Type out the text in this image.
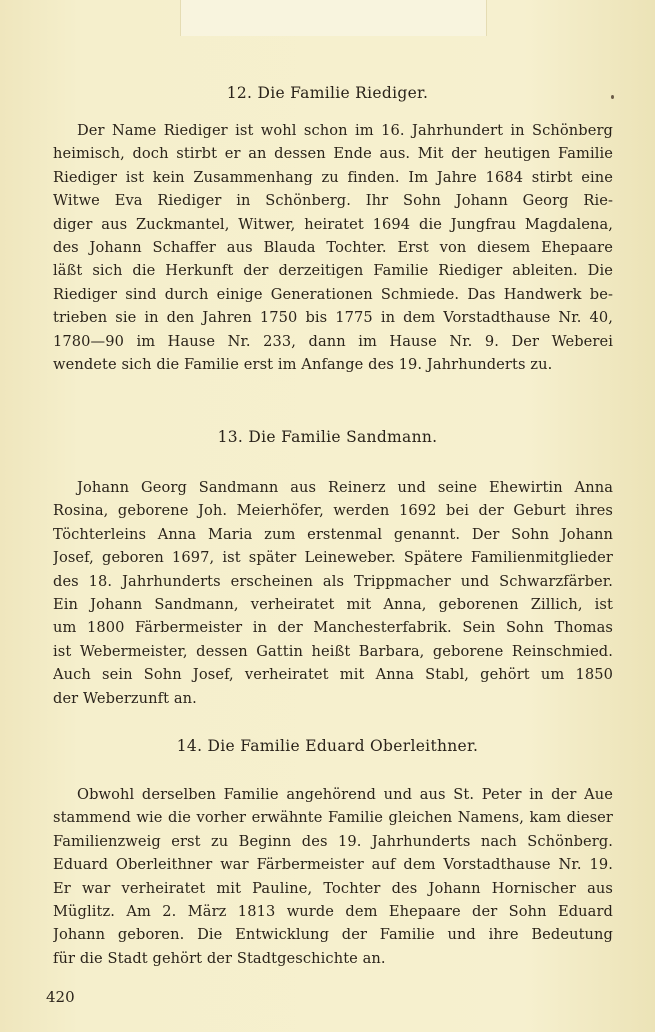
12. Die Familie Riediger.
Der Name Riediger ist wohl schon im 16. Jahrhundert in Schönberg
heimisch, doch stirbt er an dessen Ende aus. Mit der heutigen Familie
Riediger ist kein Zusammenhang zu finden. Im Jahre 1684 stirbt eine
Witwe Eva Riediger in Schönberg. Ihr Sohn Johann Georg Rie-
diger aus Zuckmantel, Witwer, heiratet 1694 die Jungfrau Magdalena,
des Johann Schaffer aus Blauda Tochter. Erst von diesem Ehepaare
läßt sich die Herkunft der derzeitigen Familie Riediger ableiten. Die
Riediger sind durch einige Generationen Schmiede. Das Handwerk be-
trieben sie in den Jahren 1750 bis 1775 in dem Vorstadthause Nr. 40,
1780—90 im Hause Nr. 233, dann im Hause Nr. 9. Der Weberei
wendete sich die Familie erst im Anfange des 19. Jahrhunderts zu.
13. Die Familie Sandmann.
Johann Georg Sandmann aus Reinerz und seine Ehewirtin Anna
Rosina, geborene Joh. Meierhöfer, werden 1692 bei der Geburt ihres
Töchterleins Anna Maria zum erstenmal genannt. Der Sohn Johann
Josef, geboren 1697, ist später Leineweber. Spätere Familienmitglieder
des 18. Jahrhunderts erscheinen als Trippmacher und Schwarzfärber.
Ein Johann Sandmann, verheiratet mit Anna, geborenen Zillich, ist
um 1800 Färbermeister in der Manchesterfabrik. Sein Sohn Thomas
ist Webermeister, dessen Gattin heißt Barbara, geborene Reinschmied.
Auch sein Sohn Josef, verheiratet mit Anna Stabl, gehört um 1850
der Weberzunft an.
14. Die Familie Eduard Oberleithner.
Obwohl derselben Familie angehörend und aus St. Peter in der Aue
stammend wie die vorher erwähnte Familie gleichen Namens, kam dieser
Familienzweig erst zu Beginn des 19. Jahrhunderts nach Schönberg.
Eduard Oberleithner war Färbermeister auf dem Vorstadthause Nr. 19.
Er war verheiratet mit Pauline, Tochter des Johann Hornischer aus
Müglitz. Am 2. März 1813 wurde dem Ehepaare der Sohn Eduard
Johann geboren. Die Entwicklung der Familie und ihre Bedeutung
für die Stadt gehört der Stadtgeschichte an.
420
